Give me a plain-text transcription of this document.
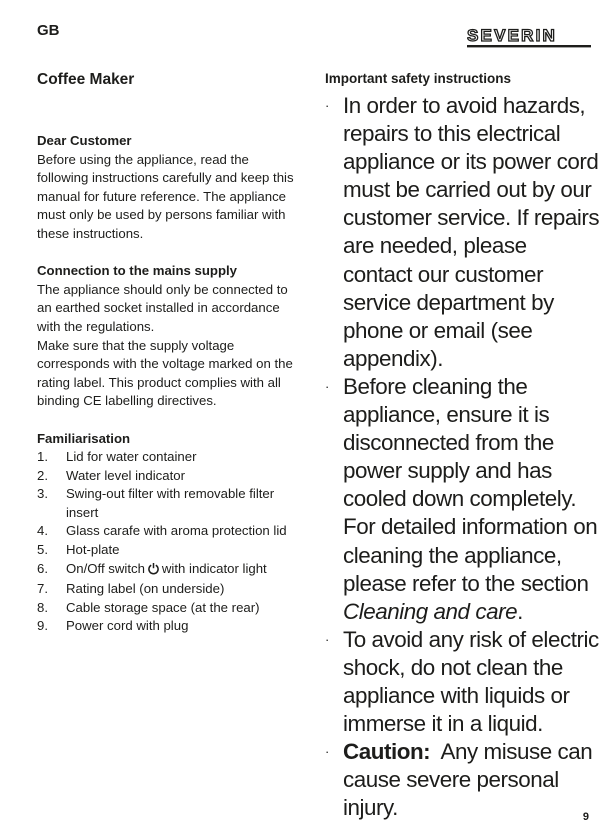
GB	SEVERIN
Coffee Maker
Dear Customer
Before using the appliance, read the following instructions carefully and keep this manual for future reference. The appliance must only be used by persons familiar with these instructions.
Connection to the mains supply
The appliance should only be connected to an earthed socket installed in accordance with the regulations.
Make sure that the supply voltage corresponds with the voltage marked on the rating label. This product complies with all binding CE labelling directives.
Familiarisation
1.	Lid for water container
2.	Water level indicator
3.	Swing-out filter with removable filter insert
4.	Glass carafe with aroma protection lid
5.	Hot-plate
6.	On/Off switch with indicator light
7.	Rating label (on underside)
8.	Cable storage space (at the rear)
9.	Power cord with plug
Important safety instructions
· In order to avoid hazards, repairs to this electrical appliance or its power cord must be carried out by our customer service. If repairs are needed, please contact our customer service department by phone or email (see appendix).
· Before cleaning the appliance, ensure it is disconnected from the power supply and has cooled down completely. For detailed information on cleaning the appliance, please refer to the section Cleaning and care.
· To avoid any risk of electric shock, do not clean the appliance with liquids or immerse it in a liquid.
· Caution: Any misuse can cause severe personal injury.	9
